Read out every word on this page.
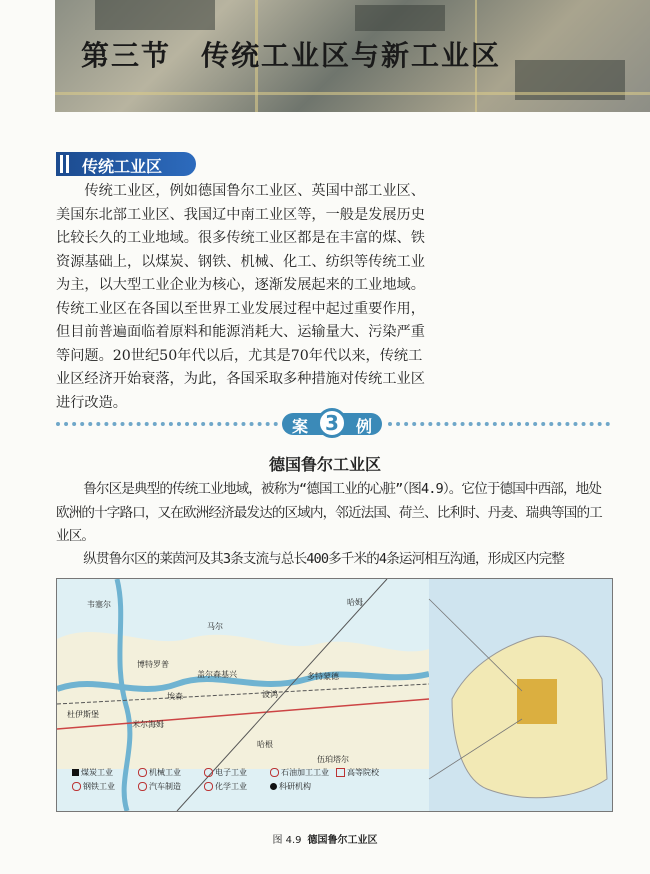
第三节　传统工业区与新工业区
传统工业区

传统工业区，例如德国鲁尔工业区、英国中部工业区、美国东北部工业区、我国辽中南工业区等，一般是发展历史比较长久的工业地域。很多传统工业区都是在丰富的煤、铁资源基础上，以煤炭、钢铁、机械、化工、纺织等传统工业为主，以大型工业企业为核心，逐渐发展起来的工业地域。传统工业区在各国以至世界工业发展过程中起过重要作用，但目前普遍面临着原料和能源消耗大、运输量大、污染严重等问题。20世纪50年代以后，尤其是70年代以来，传统工业区经济开始衰落，为此，各国采取多种措施对传统工业区进行改造。

案 3	例
德国鲁尔工业区

鲁尔区是典型的传统工业地域，被称为“德国工业的心脏”（图4.9）。它位于德国中西部，地处欧洲的十字路口，又在欧洲经济最发达的区域内，邻近法国、荷兰、比利时、丹麦、瑞典等国的工业区。

纵贯鲁尔区的莱茵河及其3条支流与总长400多千米的4条运河相互沟通，形成区内完整

韦塞尔	哈姆
马尔
多特蒙德
博特罗普
盖尔森基兴
波鸿
埃森
杜伊斯堡
米尔海姆
哈根
伍珀塔尔
煤炭工业	机械工业	电子工业	石油加工工业 高等院校
钢铁工业	汽车制造	化学工业	科研机构
图 4.9 德国鲁尔工业区
